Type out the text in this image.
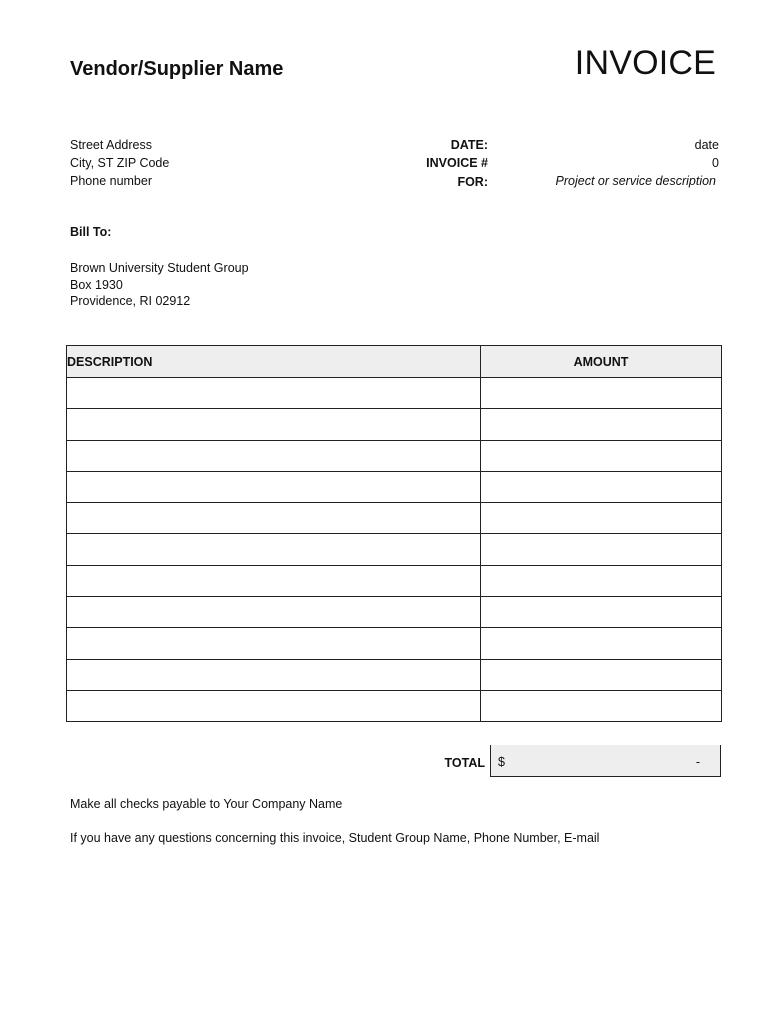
Vendor/Supplier Name	INVOICE
Street Address
City, ST ZIP Code
Phone number
DATE:	date
INVOICE #	0
FOR:	Project or service description
Bill To:
Brown University Student Group
Box 1930
Providence, RI 02912
DESCRIPTION	AMOUNT

TOTAL $	-
Make all checks payable to Your Company Name
If you have any questions concerning this invoice, Student Group Name, Phone Number, E-mail
